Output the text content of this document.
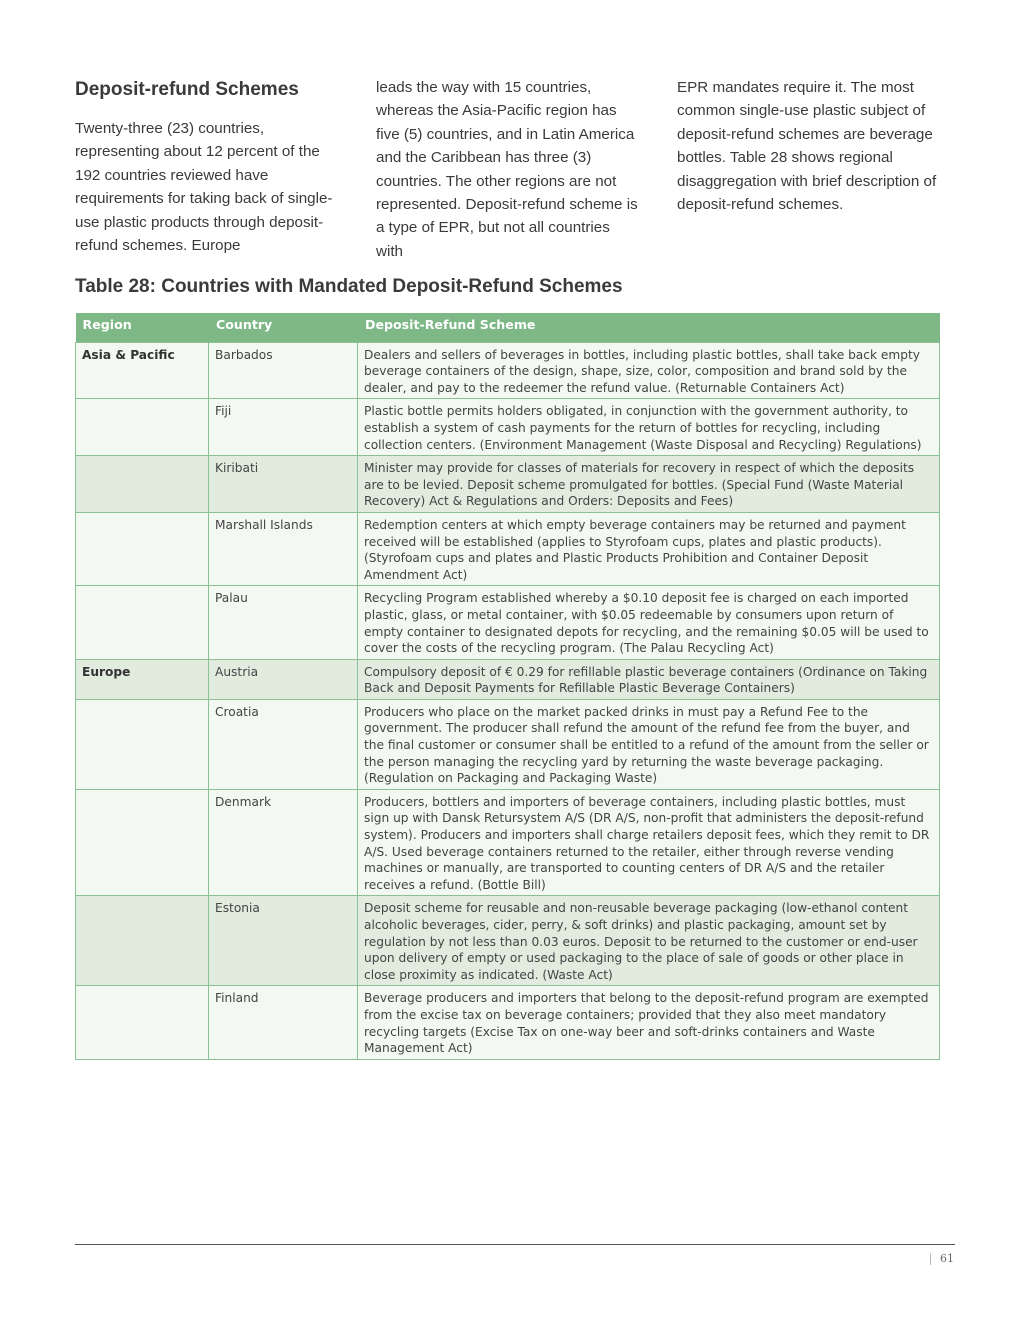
Deposit-refund Schemes

Twenty-three (23) countries, representing about 12 percent of the 192 countries reviewed have requirements for taking back of single-use plastic products through deposit-refund schemes. Europe

leads the way with 15 countries, whereas the Asia-Pacific region has five (5) countries, and in Latin America and the Caribbean has three (3) countries. The other regions are not represented. Deposit-refund scheme is a type of EPR, but not all countries with

EPR mandates require it. The most common single-use plastic subject of deposit-refund schemes are beverage bottles. Table 28 shows regional disaggregation with brief description of deposit-refund schemes.

Table 28: Countries with Mandated Deposit-Refund Schemes
Region	Country	Deposit-Refund Scheme
Asia & Pacific	Barbados	Dealers and sellers of beverages in bottles, including plastic bottles, shall take back empty beverage containers of the design, shape, size, color, composition and brand sold by the dealer, and pay to the redeemer the refund value. (Returnable Containers Act)
	Fiji	Plastic bottle permits holders obligated, in conjunction with the government authority, to establish a system of cash payments for the return of bottles for recycling, including collection centers. (Environment Management (Waste Disposal and Recycling) Regulations)
	Kiribati	Minister may provide for classes of materials for recovery in respect of which the deposits are to be levied. Deposit scheme promulgated for bottles. (Special Fund (Waste Material Recovery) Act & Regulations and Orders: Deposits and Fees)
	Marshall Islands	Redemption centers at which empty beverage containers may be returned and payment received will be established (applies to Styrofoam cups, plates and plastic products). (Styrofoam cups and plates and Plastic Products Prohibition and Container Deposit Amendment Act)
	Palau	Recycling Program established whereby a $0.10 deposit fee is charged on each imported plastic, glass, or metal container, with $0.05 redeemable by consumers upon return of empty container to designated depots for recycling, and the remaining $0.05 will be used to cover the costs of the recycling program. (The Palau Recycling Act)
Europe	Austria	Compulsory deposit of € 0.29 for refillable plastic beverage containers (Ordinance on Taking Back and Deposit Payments for Refillable Plastic Beverage Containers)
	Croatia	Producers who place on the market packed drinks in must pay a Refund Fee to the government. The producer shall refund the amount of the refund fee from the buyer, and the final customer or consumer shall be entitled to a refund of the amount from the seller or the person managing the recycling yard by returning the waste beverage packaging. (Regulation on Packaging and Packaging Waste)
	Denmark	Producers, bottlers and importers of beverage containers, including plastic bottles, must sign up with Dansk Retursystem A/S (DR A/S, non-profit that administers the deposit-refund system). Producers and importers shall charge retailers deposit fees, which they remit to DR A/S. Used beverage containers returned to the retailer, either through reverse vending machines or manually, are transported to counting centers of DR A/S and the retailer receives a refund. (Bottle Bill)
	Estonia	Deposit scheme for reusable and non-reusable beverage packaging (low-ethanol content alcoholic beverages, cider, perry, & soft drinks) and plastic packaging, amount set by regulation by not less than 0.03 euros. Deposit to be returned to the customer or end-user upon delivery of empty or used packaging to the place of sale of goods or other place in close proximity as indicated. (Waste Act)
	Finland	Beverage producers and importers that belong to the deposit-refund program are exempted from the excise tax on beverage containers; provided that they also meet mandatory recycling targets (Excise Tax on one-way beer and soft-drinks containers and Waste Management Act)
| 61
